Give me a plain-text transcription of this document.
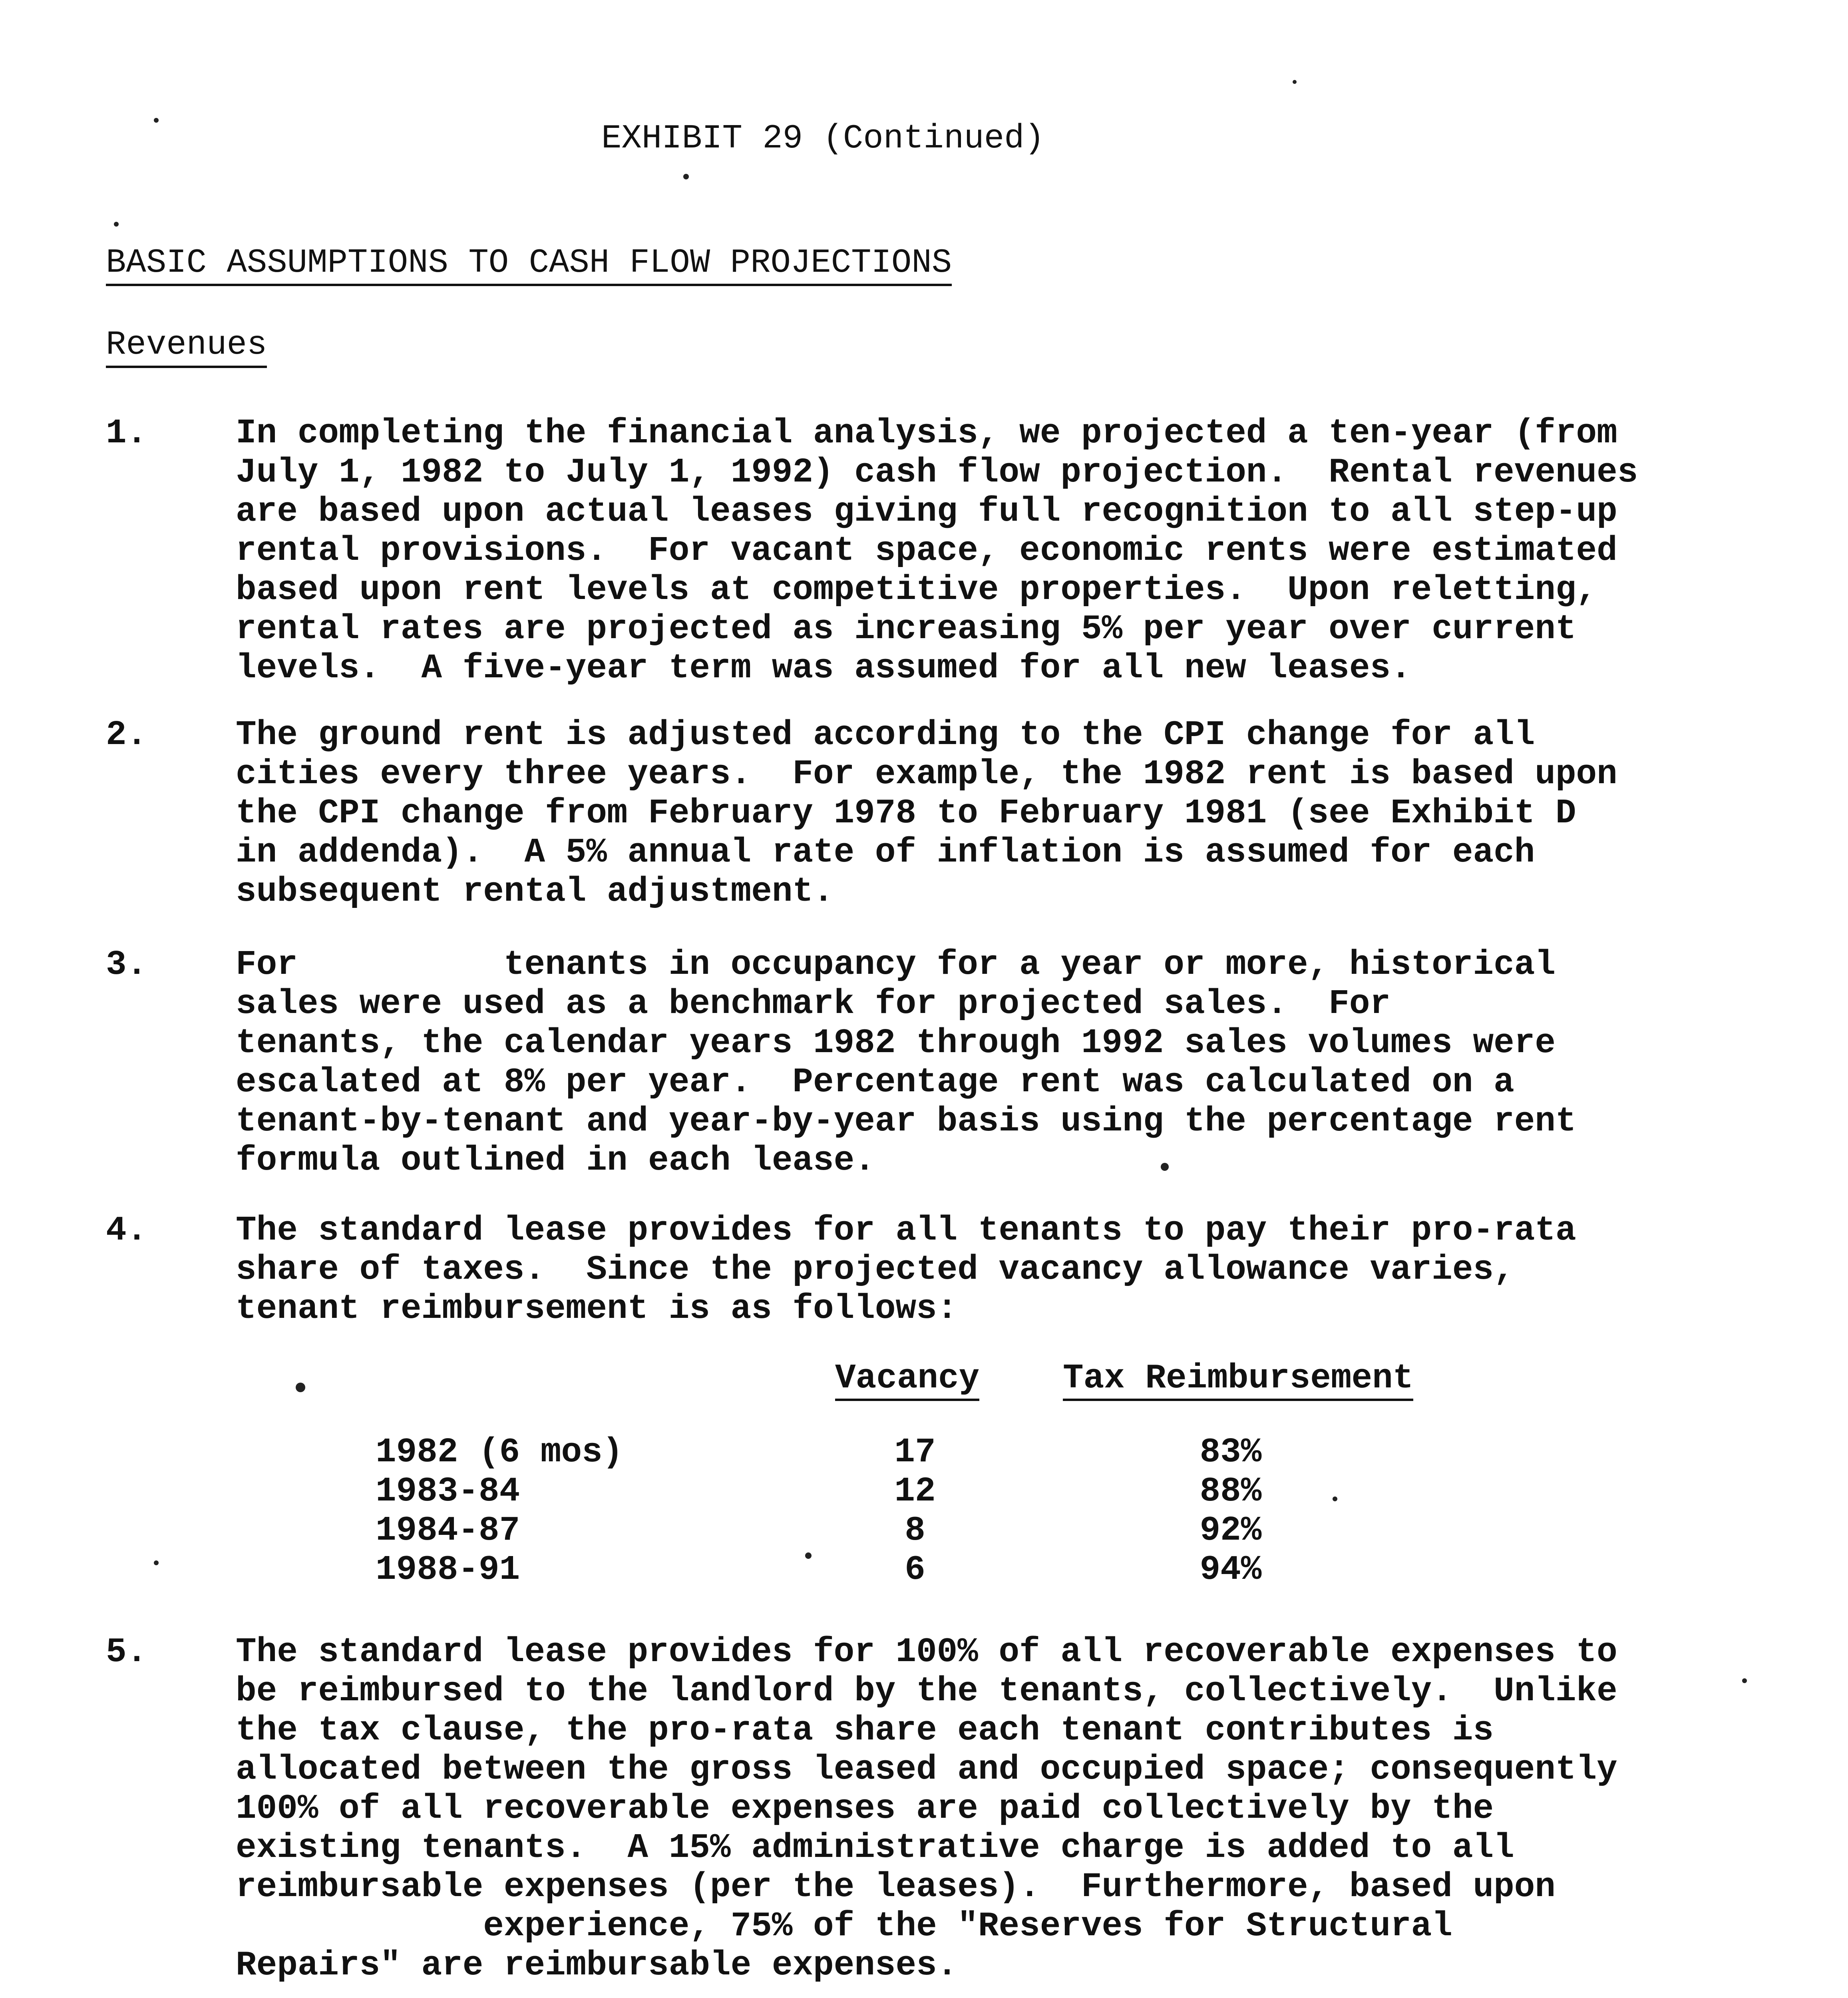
EXHIBIT 29 (Continued)
BASIC ASSUMPTIONS TO CASH FLOW PROJECTIONS
Revenues
1.	In completing the financial analysis, we projected a ten-year (from
July 1, 1982 to July 1, 1992) cash flow projection.  Rental revenues
are based upon actual leases giving full recognition to all step-up
rental provisions.  For vacant space, economic rents were estimated
based upon rent levels at competitive properties.  Upon reletting,
rental rates are projected as increasing 5% per year over current
levels.  A five-year term was assumed for all new leases.
2.	The ground rent is adjusted according to the CPI change for all
cities every three years.  For example, the 1982 rent is based upon
the CPI change from February 1978 to February 1981 (see Exhibit D
in addenda).  A 5% annual rate of inflation is assumed for each
subsequent rental adjustment.
3.	For          tenants in occupancy for a year or more, historical
sales were used as a benchmark for projected sales.  For
tenants, the calendar years 1982 through 1992 sales volumes were
escalated at 8% per year.  Percentage rent was calculated on a
tenant-by-tenant and year-by-year basis using the percentage rent
formula outlined in each lease.
4.	The standard lease provides for all tenants to pay their pro-rata
share of taxes.  Since the projected vacancy allowance varies,
tenant reimbursement is as follows:
Vacancy Tax Reimbursement
1982 (6 mos)	17	83%
1983-84	12	88%
1984-87	8	92%
1988-91	6	94%
5.	The standard lease provides for 100% of all recoverable expenses to
be reimbursed to the landlord by the tenants, collectively.  Unlike
the tax clause, the pro-rata share each tenant contributes is
allocated between the gross leased and occupied space; consequently
100% of all recoverable expenses are paid collectively by the
existing tenants.  A 15% administrative charge is added to all
reimbursable expenses (per the leases).  Furthermore, based upon
experience, 75% of the "Reserves for Structural
Repairs" are reimbursable expenses.
